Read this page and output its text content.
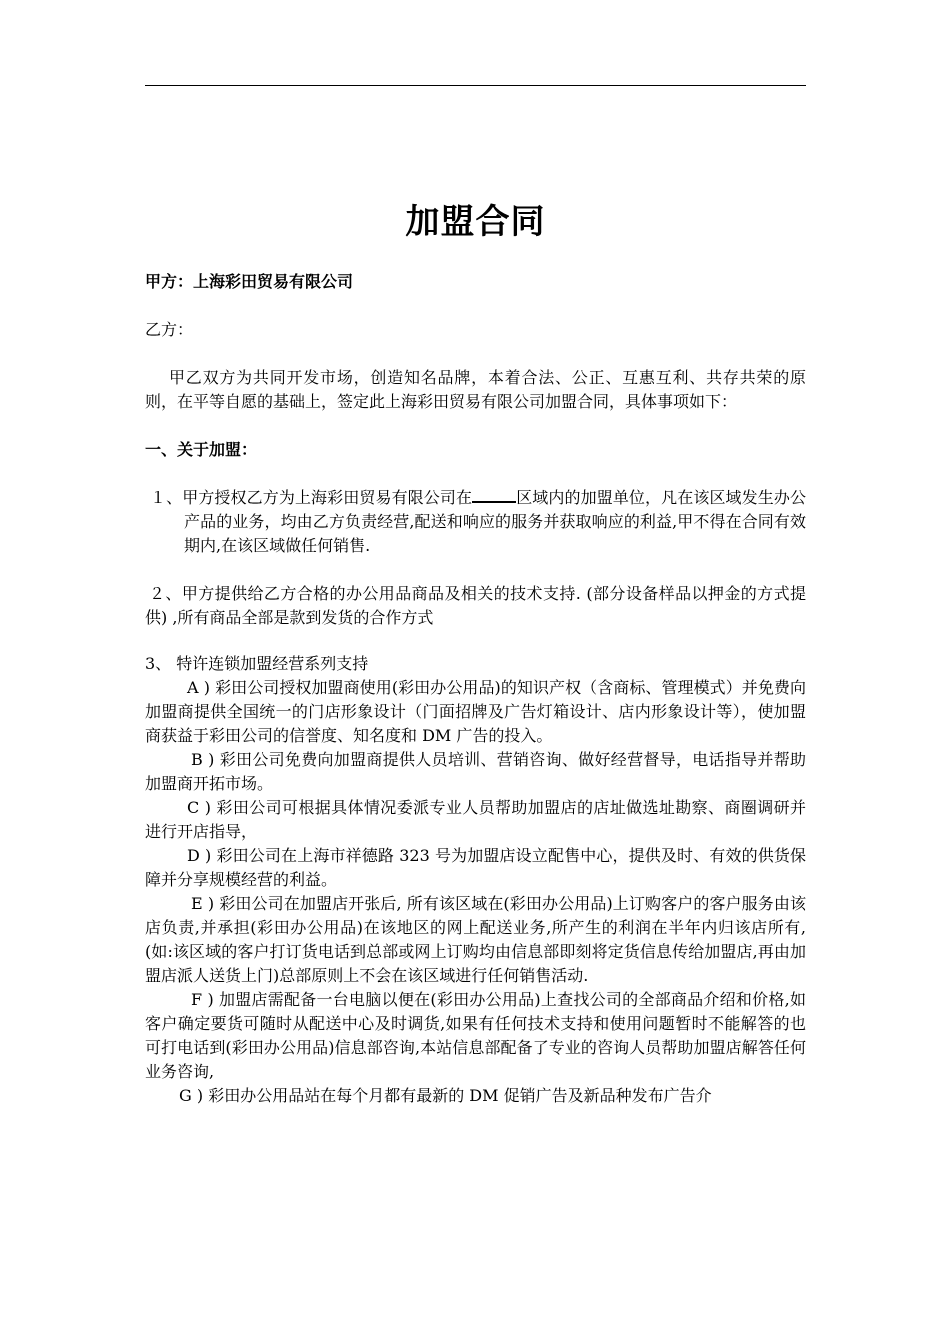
加盟合同
甲方：上海彩田贸易有限公司
乙方：
甲乙双方为共同开发市场，创造知名品牌，本着合法、公正、互惠互利、共存共荣的原则，在平等自愿的基础上，签定此上海彩田贸易有限公司加盟合同，具体事项如下：
一、关于加盟：
１、甲方授权乙方为上海彩田贸易有限公司在	区域内的加盟单位，凡在该区域发生办公产品的业务，均由乙方负责经营,配送和响应的服务并获取响应的利益,甲不得在合同有效期内,在该区域做任何销售.
２、甲方提供给乙方合格的办公用品商品及相关的技术支持. (部分设备样品以押金的方式提供) ,所有商品全部是款到发货的合作方式
3、 特许连锁加盟经营系列支持
A ) 彩田公司授权加盟商使用(彩田办公用品)的知识产权（含商标、管理模式）并免费向加盟商提供全国统一的门店形象设计（门面招牌及广告灯箱设计、店内形象设计等），使加盟商获益于彩田公司的信誉度、知名度和 DM 广告的投入。
B ) 彩田公司免费向加盟商提供人员培训、营销咨询、做好经营督导，电话指导并帮助加盟商开拓市场。
C ) 彩田公司可根据具体情况委派专业人员帮助加盟店的店址做选址勘察、商圈调研并进行开店指导，
D ) 彩田公司在上海市祥德路 323 号为加盟店设立配售中心，提供及时、有效的供货保障并分享规模经营的利益。
E ) 彩田公司在加盟店开张后, 所有该区域在(彩田办公用品)上订购客户的客户服务由该店负责,并承担(彩田办公用品)在该地区的网上配送业务,所产生的利润在半年内归该店所有, (如:该区域的客户打订货电话到总部或网上订购均由信息部即刻将定货信息传给加盟店,再由加盟店派人送货上门)总部原则上不会在该区域进行任何销售活动.
F ) 加盟店需配备一台电脑以便在(彩田办公用品)上查找公司的全部商品介绍和价格,如客户确定要货可随时从配送中心及时调货,如果有任何技术支持和使用问题暂时不能解答的也可打电话到(彩田办公用品)信息部咨询,本站信息部配备了专业的咨询人员帮助加盟店解答任何业务咨询,
G ) 彩田办公用品站在每个月都有最新的 DM 促销广告及新品种发布广告介
